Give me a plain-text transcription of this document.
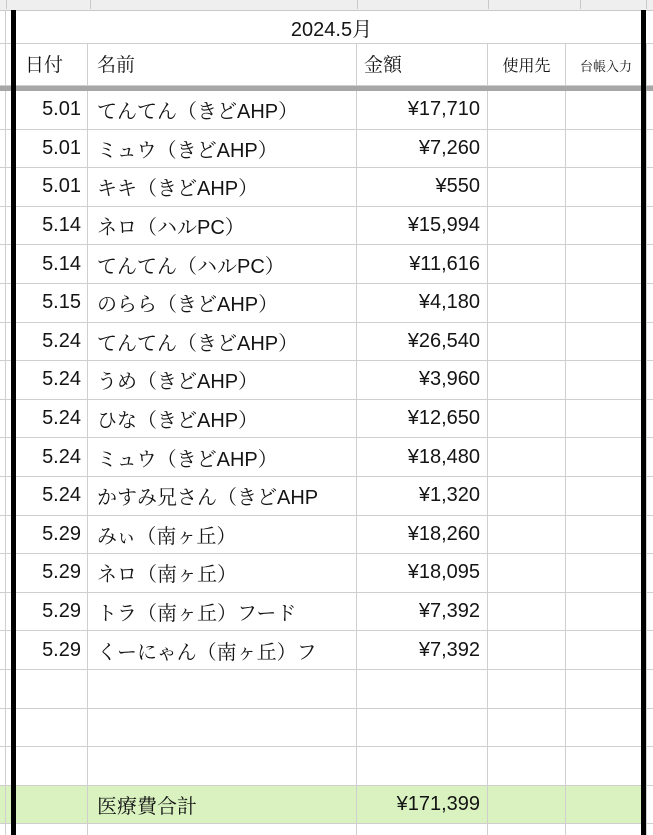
2024.5月
日付	名前	金額	使用先	台帳入力
5.01 てんてん（きどAHP）	¥17,710
5.01 ミュウ（きどAHP）	¥7,260
5.01 キキ（きどAHP）	¥550
5.14 ネロ（ハルPC）	¥15,994
5.14 てんてん（ハルPC）	¥11,616
5.15 のらら（きどAHP）	¥4,180
5.24 てんてん（きどAHP）	¥26,540
5.24 うめ（きどAHP）	¥3,960
5.24 ひな（きどAHP）	¥12,650
5.24 ミュウ（きどAHP）	¥18,480
5.24 かすみ兄さん（きどAHP	¥1,320
5.29 みぃ（南ヶ丘）	¥18,260
5.29 ネロ（南ヶ丘）	¥18,095
5.29 トラ（南ヶ丘）フード	¥7,392
5.29 くーにゃん（南ヶ丘）フ	¥7,392
医療費合計	¥171,399
